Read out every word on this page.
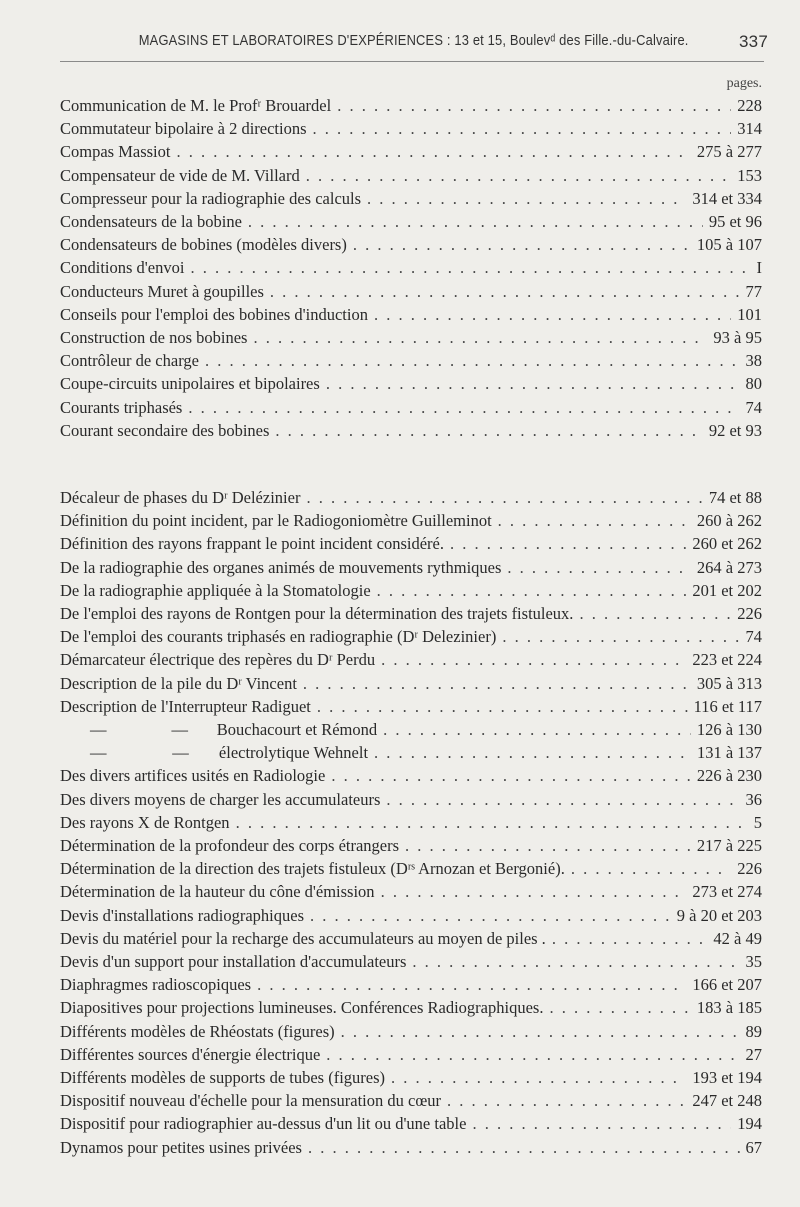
MAGASINS ET LABORATOIRES D'EXPÉRIENCES : 13 et 15, Boulevᵈ des Fille.-du-Calvaire.	337
pages.
Communication de M. le Profʳ Brouardel . . .	228
Commutateur bipolaire à 2 directions . . .	314
Compas Massiot . . .	275 à 277
Compensateur de vide de M. Villard . . .	153
Compresseur pour la radiographie des calculs . . .	314 et 334
Condensateurs de la bobine . . .	95 et 96
Condensateurs de bobines (modèles divers) . . .	105 à 107
Conditions d'envoi . . .	I
Conducteurs Muret à goupilles . . .	77
Conseils pour l'emploi des bobines d'induction . . .	101
Construction de nos bobines . . .	93 à 95
Contrôleur de charge . . .	38
Coupe-circuits unipolaires et bipolaires . . .	80
Courants triphasés . . .	74
Courant secondaire des bobines . . .	92 et 93
Décaleur de phases du Dʳ Delézinier . . .	74 et 88
Définition du point incident, par le Radiogoniomètre Guilleminot . . .	260 à 262
Définition des rayons frappant le point incident considéré. . . .	260 et 262
De la radiographie des organes animés de mouvements rythmiques . . .	264 à 273
De la radiographie appliquée à la Stomatologie . . .	201 et 202
De l'emploi des rayons de Rontgen pour la détermination des trajets fistuleux. . . .	226
De l'emploi des courants triphasés en radiographie (Dʳ Delezinier) . . .	74
Démarcateur électrique des repères du Dʳ Perdu . . .	223 et 224
Description de la pile du Dʳ Vincent . . .	305 à 313
Description de l'Interrupteur Radiguet . . .	116 et 117
—	—	Bouchacourt et Rémond . . .	126 à 130
—	—	électrolytique Wehnelt . . .	131 à 137
Des divers artifices usités en Radiologie . . .	226 à 230
Des divers moyens de charger les accumulateurs . . .	36
Des rayons X de Rontgen . . .	5
Détermination de la profondeur des corps étrangers . . .	217 à 225
Détermination de la direction des trajets fistuleux (Dʳˢ Arnozan et Bergonié). . . .	226
Détermination de la hauteur du cône d'émission . . .	273 et 274
Devis d'installations radiographiques . . .	9 à 20 et 203
Devis du matériel pour la recharge des accumulateurs au moyen de piles . . . .	42 à 49
Devis d'un support pour installation d'accumulateurs . . .	35
Diaphragmes radioscopiques . . .	166 et 207
Diapositives pour projections lumineuses. Conférences Radiographiques. . . .	183 à 185
Différents modèles de Rhéostats (figures) . . .	89
Différentes sources d'énergie électrique . . .	27
Différents modèles de supports de tubes (figures) . . .	193 et 194
Dispositif nouveau d'échelle pour la mensuration du cœur . . .	247 et 248
Dispositif pour radiographier au-dessus d'un lit ou d'une table . . .	194
Dynamos pour petites usines privées . . .	67
